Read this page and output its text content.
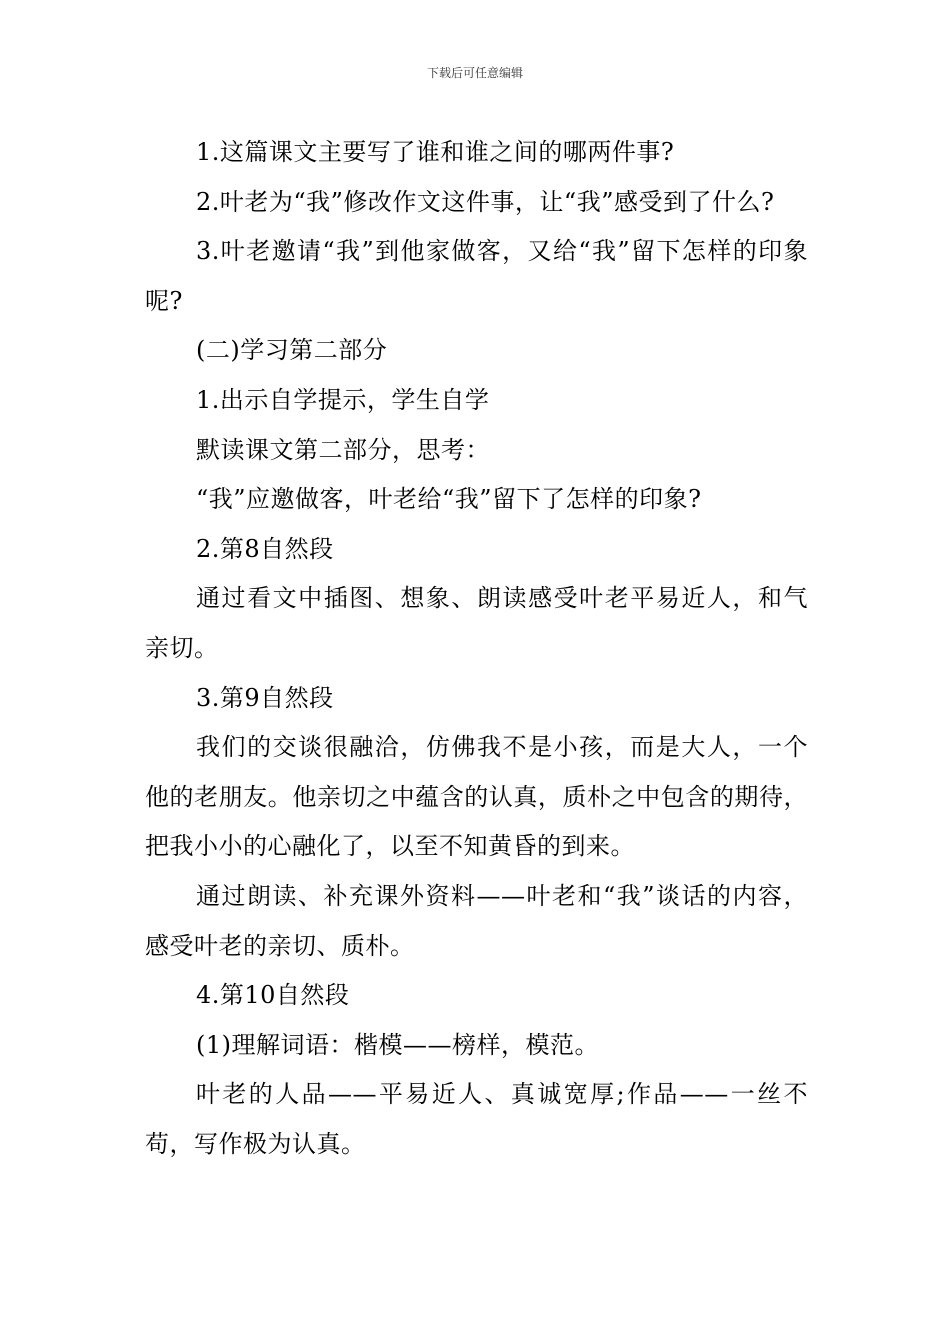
下载后可任意编辑

1.这篇课文主要写了谁和谁之间的哪两件事?

2.叶老为“我”修改作文这件事，让“我”感受到了什么?

3.叶老邀请“我”到他家做客，又给“我”留下怎样的印象呢?

(二)学习第二部分

1.出示自学提示，学生自学

默读课文第二部分，思考：

“我”应邀做客，叶老给“我”留下了怎样的印象?

2.第8自然段

通过看文中插图、想象、朗读感受叶老平易近人，和气亲切。

3.第9自然段

我们的交谈很融洽，仿佛我不是小孩，而是大人，一个他的老朋友。他亲切之中蕴含的认真，质朴之中包含的期待，把我小小的心融化了，以至不知黄昏的到来。

通过朗读、补充课外资料——叶老和“我”谈话的内容，感受叶老的亲切、质朴。

4.第10自然段

(1)理解词语：楷模——榜样，模范。

叶老的人品——平易近人、真诚宽厚;作品——一丝不苟，写作极为认真。
